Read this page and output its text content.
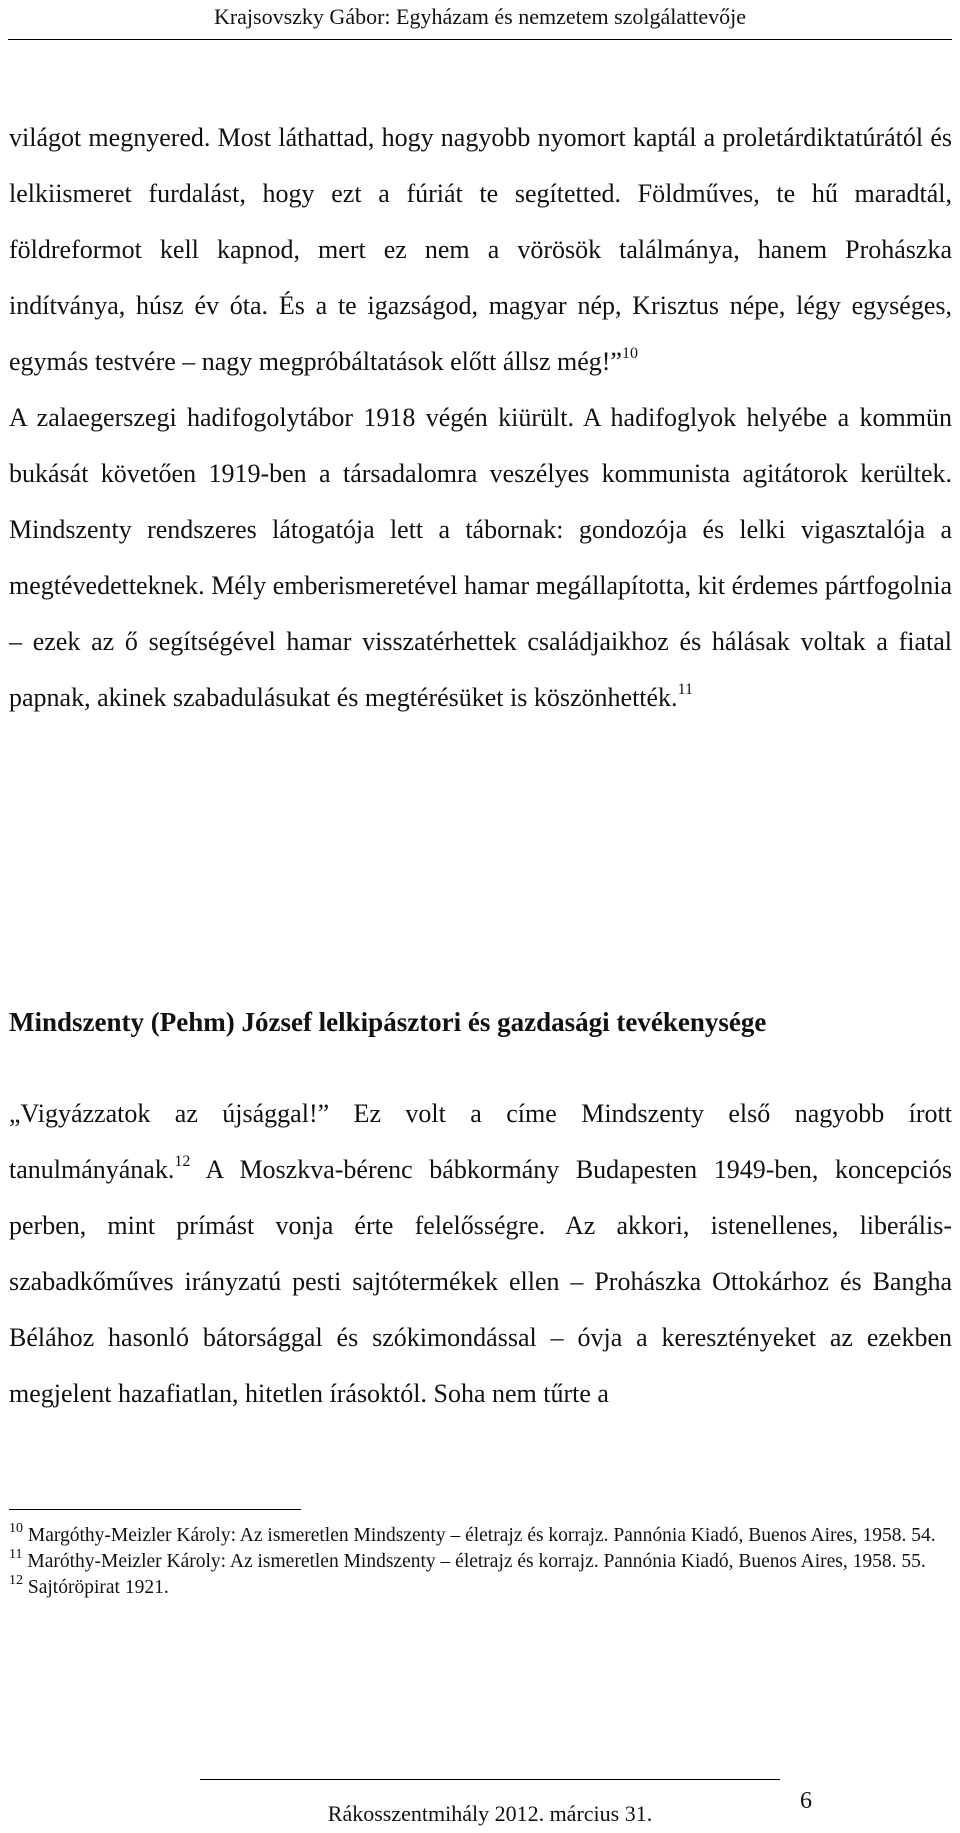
Krajsovszky Gábor: Egyházam és nemzetem szolgálattevője

világot megnyered. Most láthattad, hogy nagyobb nyomort kaptál a proletárdiktatúrától és lelkiismeret furdalást, hogy ezt a fúriát te segítetted. Földműves, te hű maradtál, földreformot kell kapnod, mert ez nem a vörösök találmánya, hanem Prohászka indítványa, húsz év óta. És a te igazságod, magyar nép, Krisztus népe, légy egységes, egymás testvére – nagy megpróbáltatások előtt állsz még!”$^{10}$

A zalaegerszegi hadifogolytábor 1918 végén kiürült. A hadifoglyok helyébe a kommün bukását követően 1919-ben a társadalomra veszélyes kommunista agitátorok kerültek. Mindszenty rendszeres látogatója lett a tábornak: gondozója és lelki vigasztalója a megtévedetteknek. Mély emberismeretével hamar megállapította, kit érdemes pártfogolnia – ezek az ő segítségével hamar visszatérhettek családjaikhoz és hálásak voltak a fiatal papnak, akinek szabadulásukat és megtérésüket is köszönhették.$^{11}$

Mindszenty (Pehm) József lelkipásztori és gazdasági tevékenysége

„Vigyázzatok az újsággal!” Ez volt a címe Mindszenty első nagyobb írott tanulmányának.$^{12}$ A Moszkva-bérenc bábkormány Budapesten 1949-ben, koncepciós perben, mint prímást vonja érte felelősségre. Az akkori, istenellenes, liberális-szabadkőműves irányzatú pesti sajtótermékek ellen – Prohászka Ottokárhoz és Bangha Bélához hasonló bátorsággal és szókimondással – óvja a keresztényeket az ezekben megjelent hazafiatlan, hitetlen írásoktól. Soha nem tűrte a

$^{10}$ Margóthy-Meizler Károly: Az ismeretlen Mindszenty – életrajz és korrajz. Pannónia Kiadó, Buenos Aires, 1958. 54.

$^{11}$ Maróthy-Meizler Károly: Az ismeretlen Mindszenty – életrajz és korrajz. Pannónia Kiadó, Buenos Aires, 1958. 55.

$^{12}$ Sajtóröpirat 1921.

Rákosszentmihály 2012. március 31.	6
